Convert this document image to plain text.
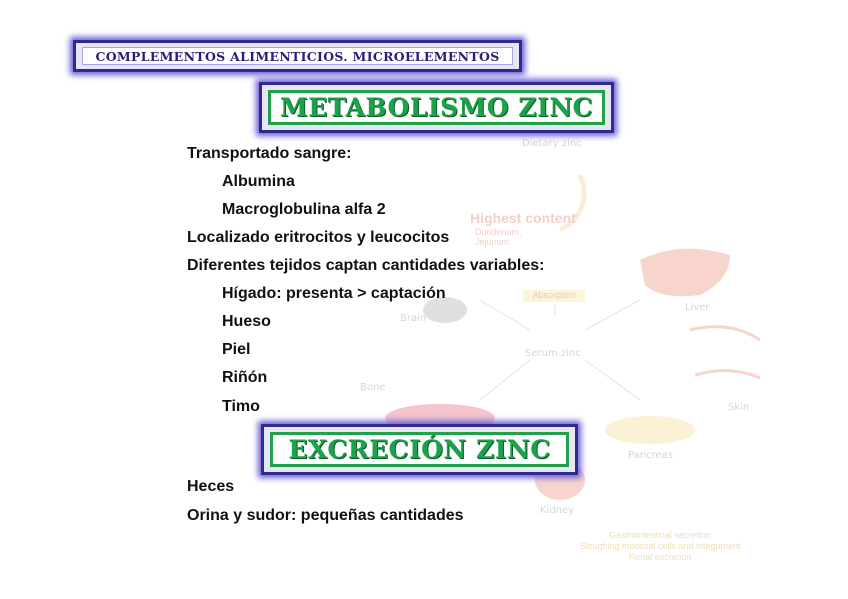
Dietary zinc
Highest content
Duodenum,
Jejunum
Absorption
Serum zinc
Brain
Liver
Bone
Skin
Pancreas
Kidney
Gastrointestinal secretion
Sloughing mucosal cells and integument
Renal excretion
COMPLEMENTOS ALIMENTICIOS. MICROELEMENTOS
METABOLISMO ZINC
Transportado sangre:
Albumina
Macroglobulina alfa 2
Localizado eritrocitos y leucocitos
Diferentes tejidos captan cantidades variables:
Hígado: presenta > captación
Hueso
Piel
Riñón
Timo
EXCRECIÓN ZINC
Heces
Orina y sudor: pequeñas cantidades
